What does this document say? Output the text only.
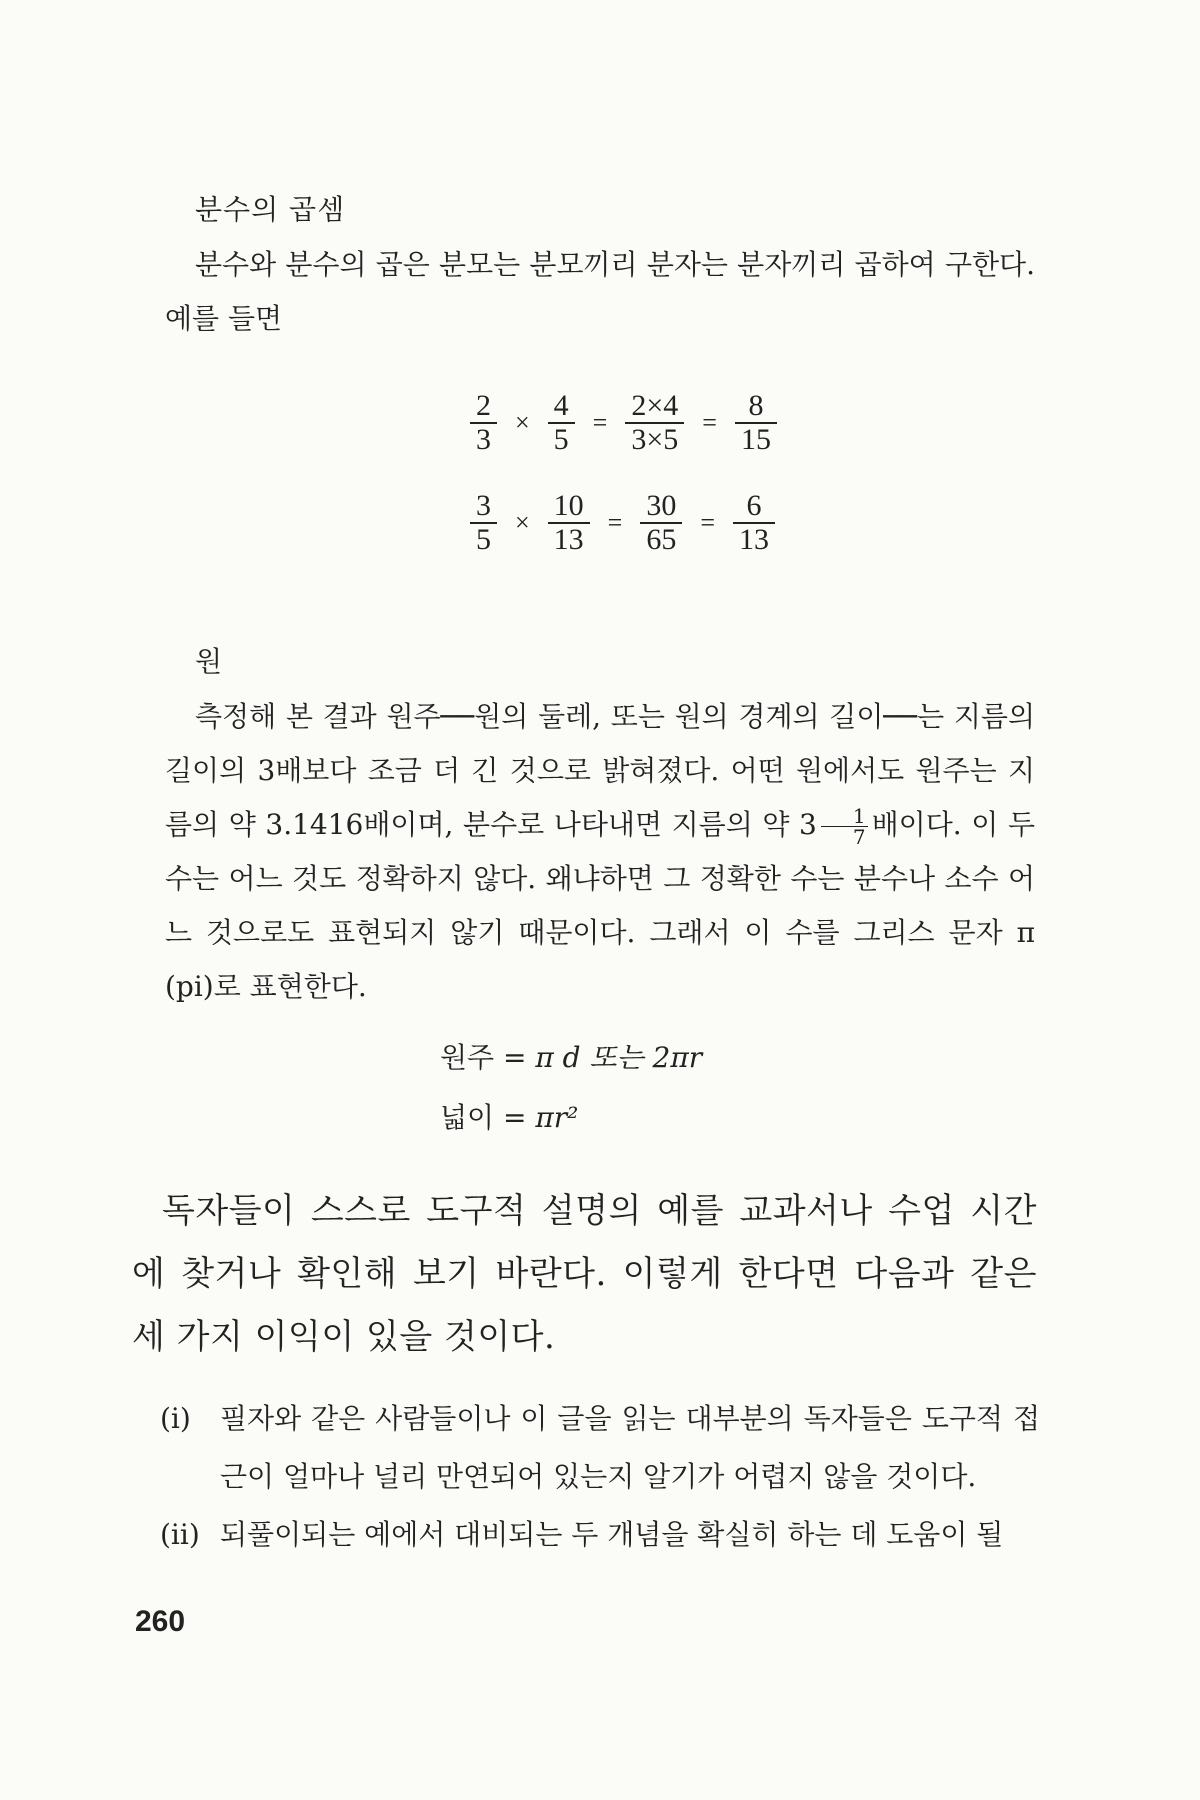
분수의 곱셈
분수와 분수의 곱은 분모는 분모끼리 분자는 분자끼리 곱하여 구한다. 예를 들면
$\frac{2}{3} \times \frac{4}{5} = \frac{2\times 4}{3\times 5} = \frac{8}{15}$
$\frac{3}{5} \times \frac{10}{13} = \frac{30}{65} = \frac{6}{13}$
원
측정해 본 결과 원주──원의 둘레, 또는 원의 경계의 길이──는 지름의 길이의 3배보다 조금 더 긴 것으로 밝혀졌다. 어떤 원에서도 원주는 지름의 약 3.1416배이며, 분수로 나타내면 지름의 약 $3 \frac{1}{7}$ 배이다. 이 두 수는 어느 것도 정확하지 않다. 왜냐하면 그 정확한 수는 분수나 소수 어느 것으로도 표현되지 않기 때문이다. 그래서 이 수를 그리스 문자 π (pi)로 표현한다.
원주 = π d 또는 2πr
넓이 = πr²
독자들이 스스로 도구적 설명의 예를 교과서나 수업 시간에 찾거나 확인해 보기 바란다. 이렇게 한다면 다음과 같은 세 가지 이익이 있을 것이다.
(i)	필자와 같은 사람들이나 이 글을 읽는 대부분의 독자들은 도구적 접근이 얼마나 널리 만연되어 있는지 알기가 어렵지 않을 것이다.
(ii) 되풀이되는 예에서 대비되는 두 개념을 확실히 하는 데 도움이 될
260
